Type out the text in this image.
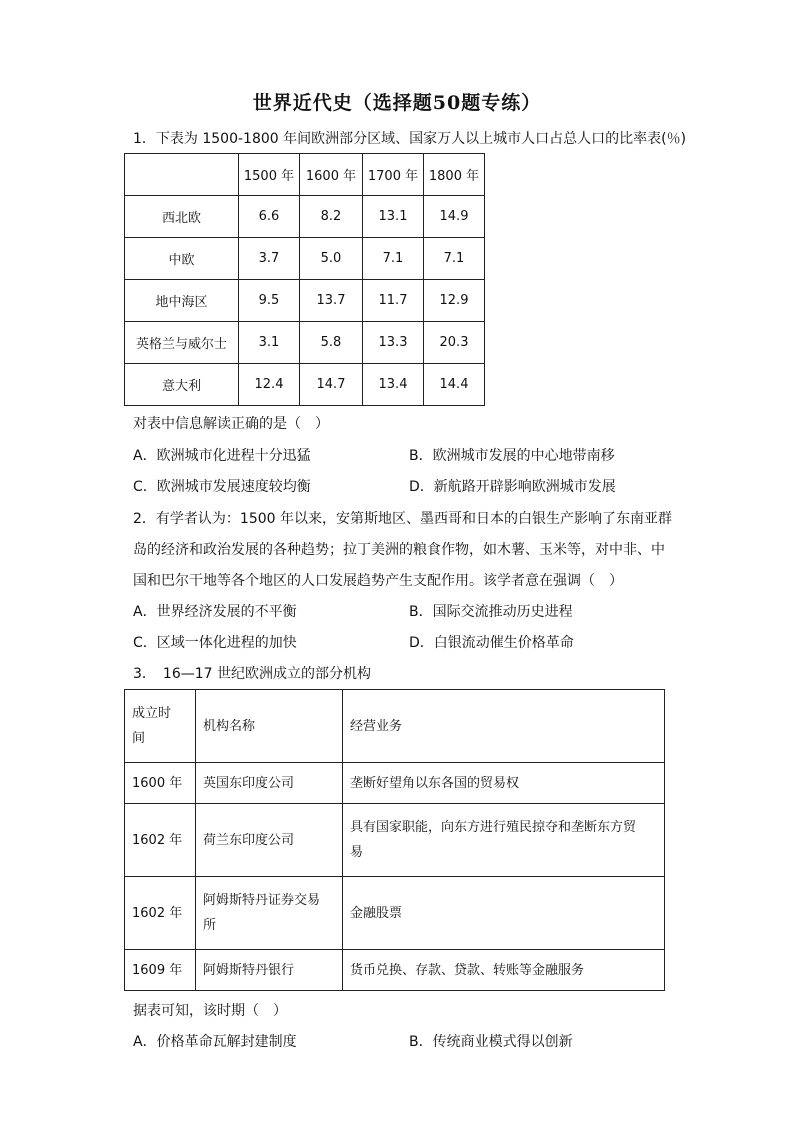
世界近代史（选择题50题专练）
1．下表为 1500-1800 年间欧洲部分区域、国家万人以上城市人口占总人口的比率表(％)
	1500 年	1600 年	1700 年	1800 年
西北欧	6.6	8.2	13.1	14.9
中欧	3.7	5.0	7.1	7.1
地中海区	9.5	13.7	11.7	12.9
英格兰与威尔士	3.1	5.8	13.3	20.3
意大利	12.4	14.7	13.4	14.4
对表中信息解读正确的是（　）
A．欧洲城市化进程十分迅猛	B．欧洲城市发展的中心地带南移
C．欧洲城市发展速度较均衡	D．新航路开辟影响欧洲城市发展
2．有学者认为：1500 年以来，安第斯地区、墨西哥和日本的白银生产影响了东南亚群
岛的经济和政治发展的各种趋势；拉丁美洲的粮食作物，如木薯、玉米等，对中非、中
国和巴尔干地等各个地区的人口发展趋势产生支配作用。该学者意在强调（　）
A．世界经济发展的不平衡	B．国际交流推动历史进程
C．区域一体化进程的加快	D．白银流动催生价格革命
3．　16—17 世纪欧洲成立的部分机构
成立时
间	机构名称	经营业务

1600 年	英国东印度公司	垄断好望角以东各国的贸易权

1602 年	荷兰东印度公司	具有国家职能，向东方进行殖民掠夺和垄断东方贸
易

1602 年	阿姆斯特丹证券交易
所	金融股票

1609 年	阿姆斯特丹银行	货币兑换、存款、贷款、转账等金融服务
据表可知，该时期（　）
A．价格革命瓦解封建制度	B．传统商业模式得以创新
